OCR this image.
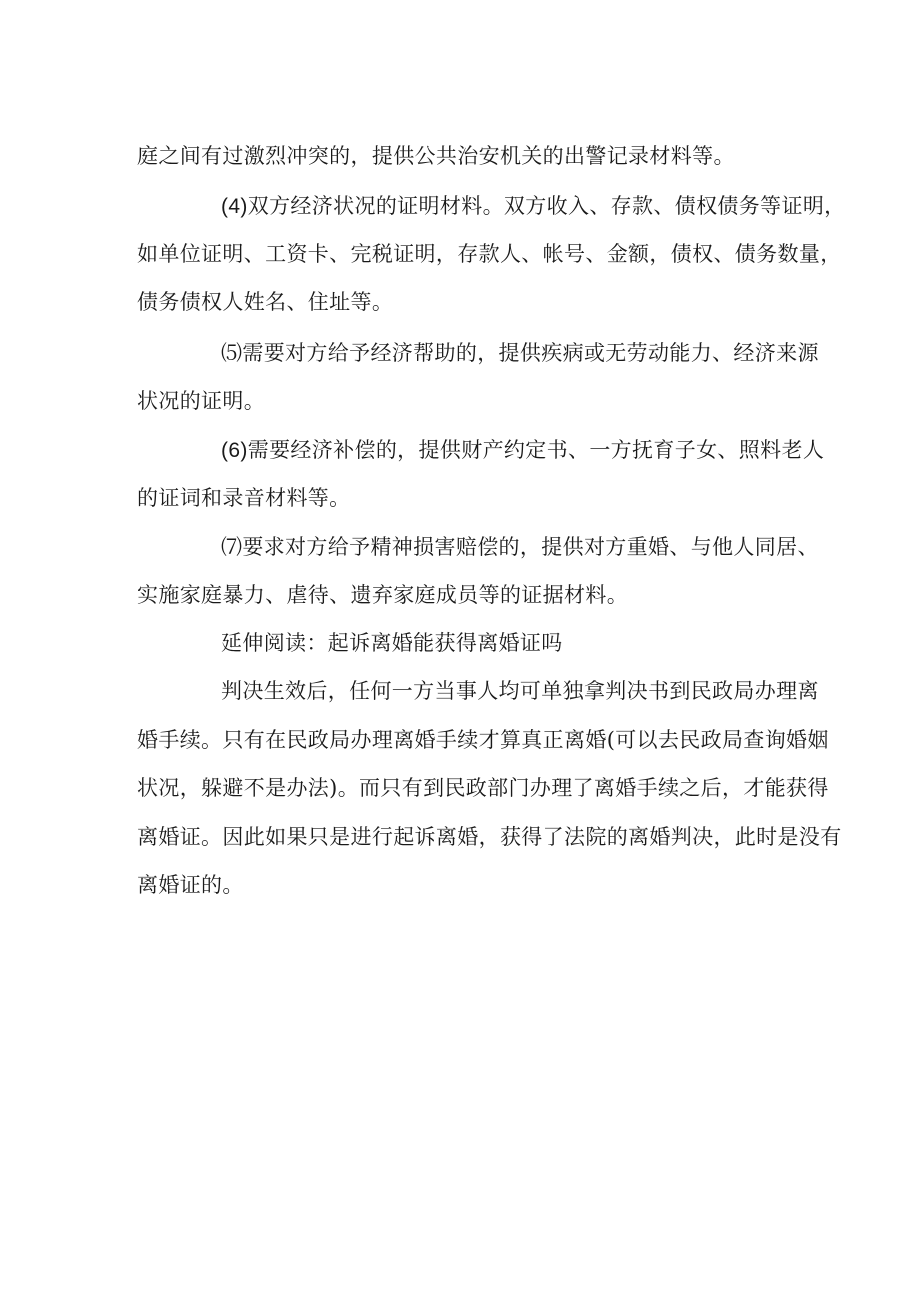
庭之间有过激烈冲突的，提供公共治安机关的出警记录材料等。
(4)双方经济状况的证明材料。双方收入、存款、债权债务等证明，
如单位证明、工资卡、完税证明，存款人、帐号、金额，债权、债务数量，
债务债权人姓名、住址等。
⑸需要对方给予经济帮助的，提供疾病或无劳动能力、经济来源
状况的证明。
(6)需要经济补偿的，提供财产约定书、一方抚育子女、照料老人
的证词和录音材料等。
⑺要求对方给予精神损害赔偿的，提供对方重婚、与他人同居、
实施家庭暴力、虐待、遗弃家庭成员等的证据材料。
延伸阅读：起诉离婚能获得离婚证吗
判决生效后，任何一方当事人均可单独拿判决书到民政局办理离
婚手续。只有在民政局办理离婚手续才算真正离婚(可以去民政局查询婚姻
状况，躲避不是办法)。而只有到民政部门办理了离婚手续之后，才能获得
离婚证。因此如果只是进行起诉离婚，获得了法院的离婚判决，此时是没有
离婚证的。
